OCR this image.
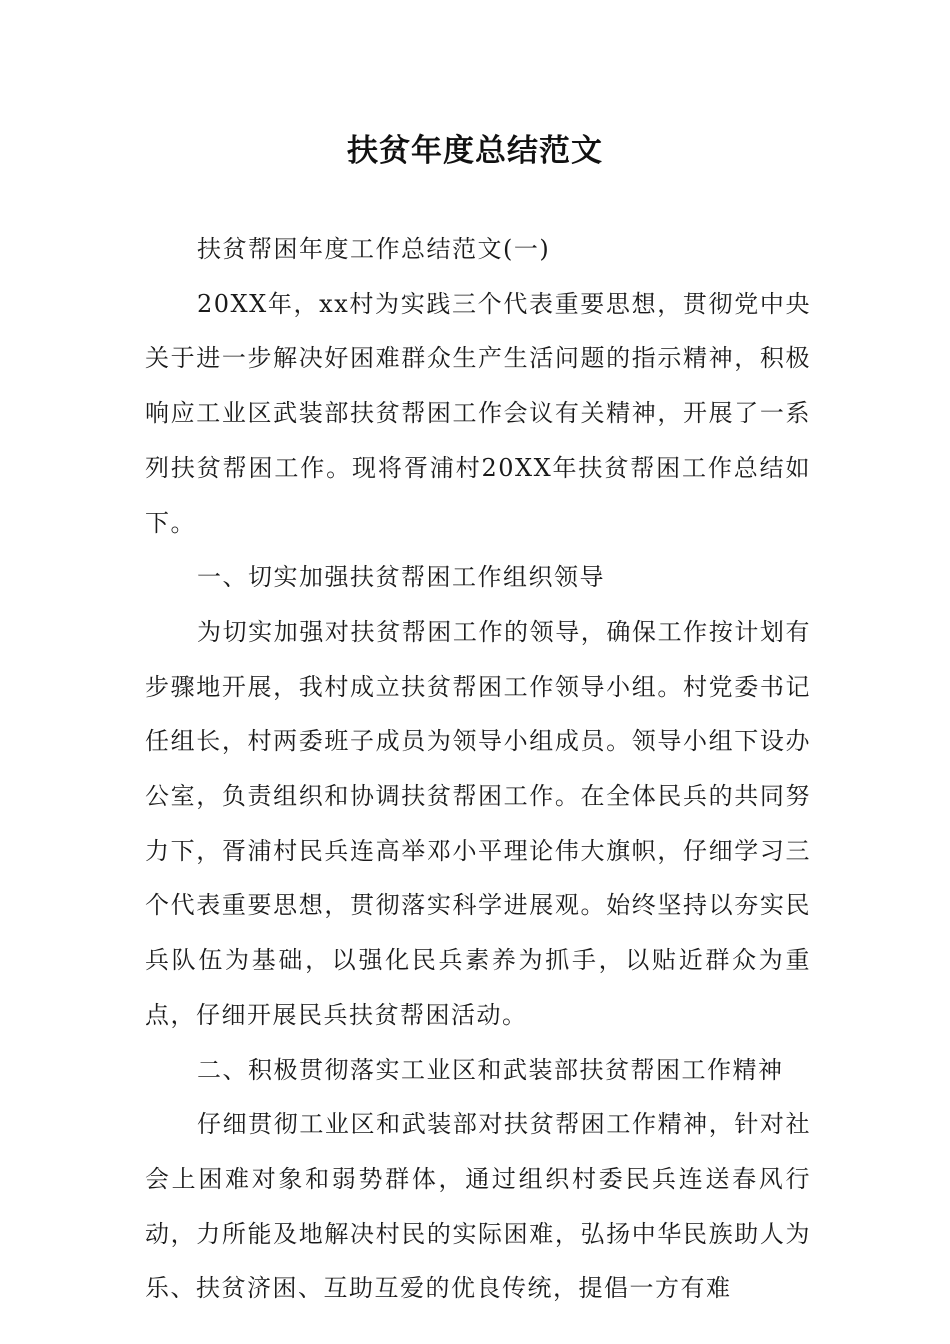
扶贫年度总结范文

扶贫帮困年度工作总结范文(一)

20XX年，xx村为实践三个代表重要思想，贯彻党中央关于进一步解决好困难群众生产生活问题的指示精神，积极响应工业区武装部扶贫帮困工作会议有关精神，开展了一系列扶贫帮困工作。现将胥浦村20XX年扶贫帮困工作总结如下。

一、切实加强扶贫帮困工作组织领导

为切实加强对扶贫帮困工作的领导，确保工作按计划有步骤地开展，我村成立扶贫帮困工作领导小组。村党委书记任组长，村两委班子成员为领导小组成员。领导小组下设办公室，负责组织和协调扶贫帮困工作。在全体民兵的共同努力下，胥浦村民兵连高举邓小平理论伟大旗帜，仔细学习三个代表重要思想，贯彻落实科学进展观。始终坚持以夯实民兵队伍为基础，以强化民兵素养为抓手，以贴近群众为重点，仔细开展民兵扶贫帮困活动。

二、积极贯彻落实工业区和武装部扶贫帮困工作精神

仔细贯彻工业区和武装部对扶贫帮困工作精神，针对社会上困难对象和弱势群体，通过组织村委民兵连送春风行动，力所能及地解决村民的实际困难，弘扬中华民族助人为乐、扶贫济困、互助互爱的优良传统，提倡一方有难
